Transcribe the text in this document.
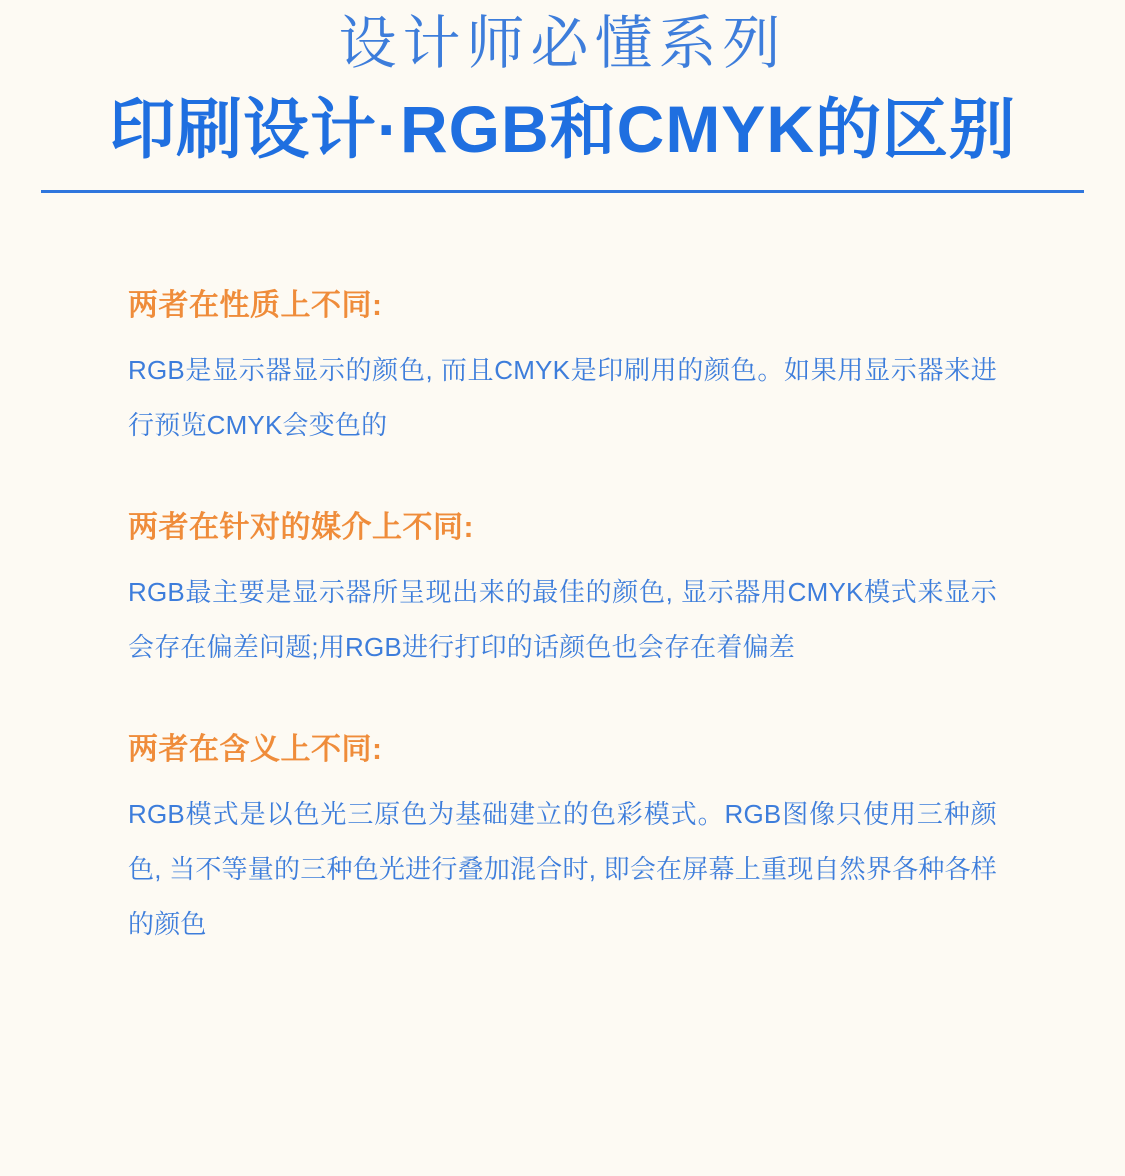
设计师必懂系列
印刷设计·RGB和CMYK的区别
两者在性质上不同:
RGB是显示器显示的颜色, 而且CMYK是印刷用的颜色。如果用显示器来进行预览CMYK会变色的
两者在针对的媒介上不同:
RGB最主要是显示器所呈现出来的最佳的颜色, 显示器用CMYK模式来显示会存在偏差问题;用RGB进行打印的话颜色也会存在着偏差
两者在含义上不同:
RGB模式是以色光三原色为基础建立的色彩模式。RGB图像只使用三种颜色, 当不等量的三种色光进行叠加混合时, 即会在屏幕上重现自然界各种各样的颜色
